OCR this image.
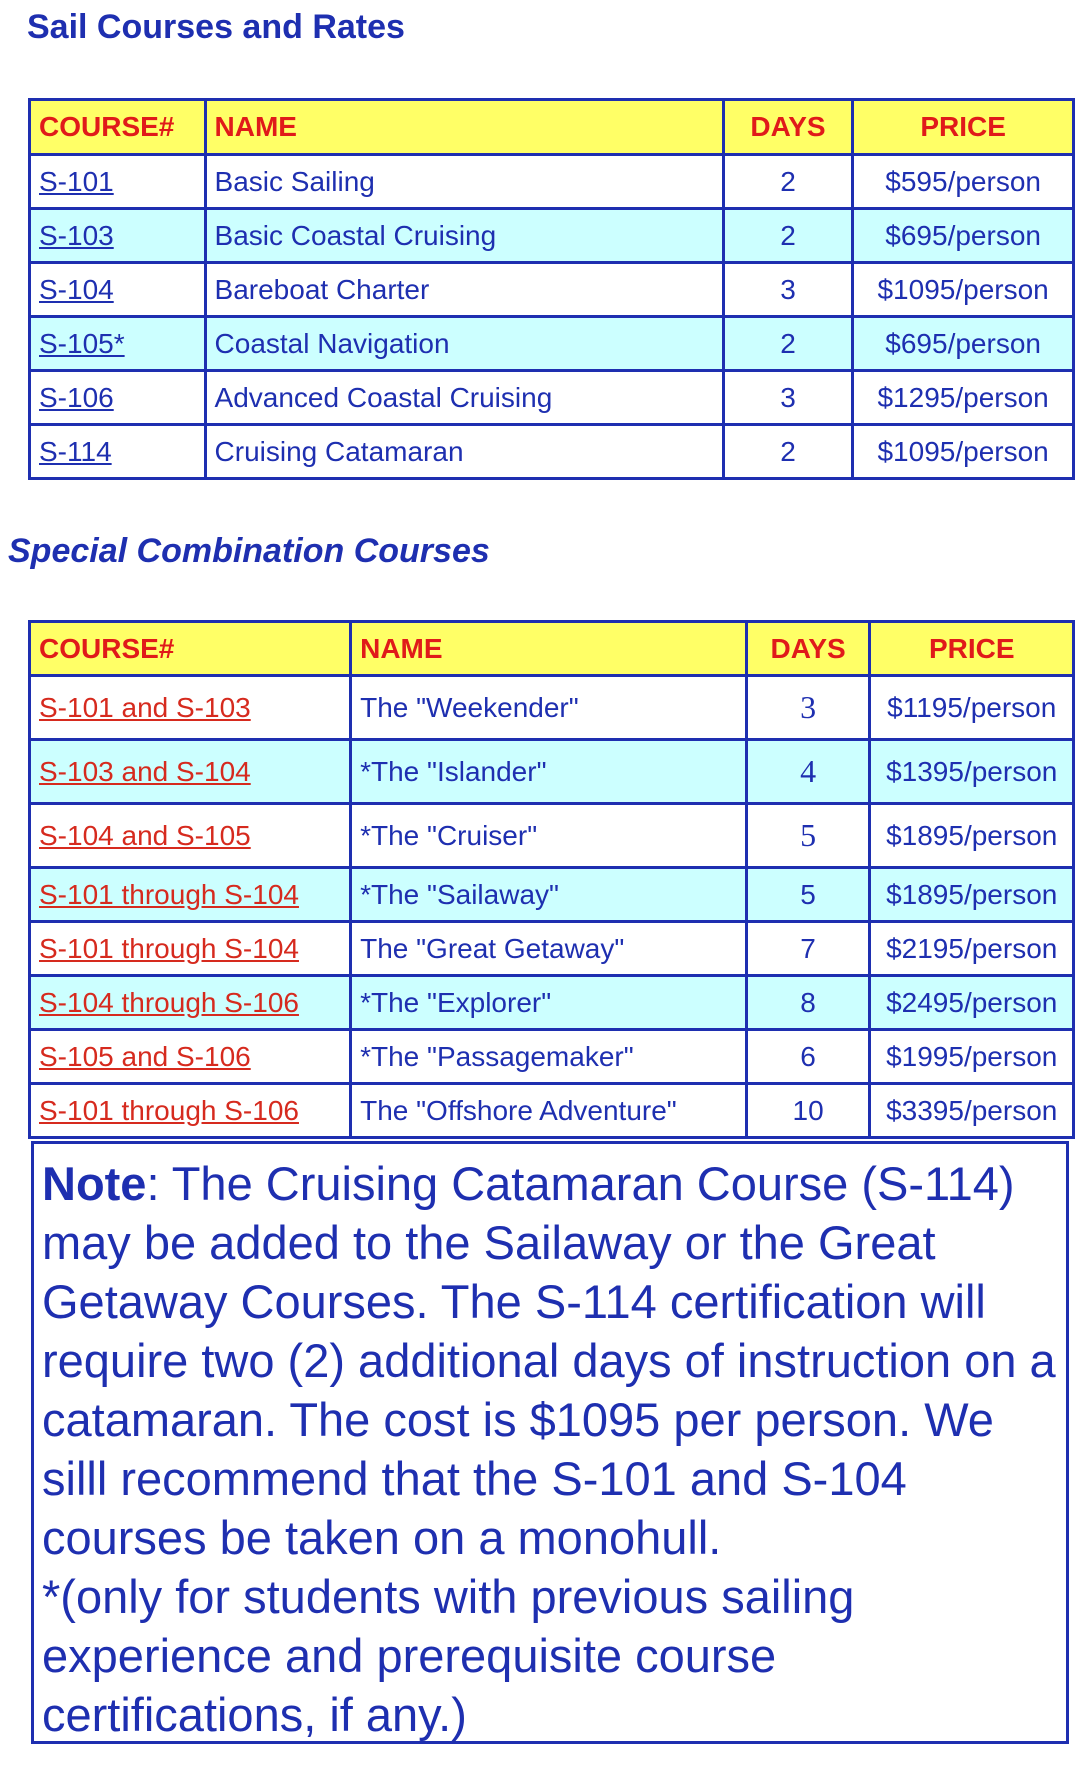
Sail Courses and Rates
COURSE#	NAME	DAYS	PRICE
S-101	Basic Sailing	2	$595/person
S-103	Basic Coastal Cruising	2	$695/person
S-104	Bareboat Charter	3	$1095/person
S-105*	Coastal Navigation	2	$695/person
S-106	Advanced Coastal Cruising	3	$1295/person
S-114	Cruising Catamaran	2	$1095/person
Special Combination Courses
COURSE#	NAME	DAYS	PRICE
S-101 and S-103	The "Weekender"	3	$1195/person
S-103 and S-104	*The "Islander"	4	$1395/person
S-104 and S-105	*The "Cruiser"	5	$1895/person
S-101 through S-104	*The "Sailaway"	5	$1895/person
S-101 through S-104	The "Great Getaway"	7	$2195/person
S-104 through S-106	*The "Explorer"	8	$2495/person
S-105 and S-106	*The "Passagemaker"	6	$1995/person
S-101 through S-106	The "Offshore Adventure"	10	$3395/person
Note: The Cruising Catamaran Course (S-114) may be added to the Sailaway or the Great Getaway Courses. The S-114 certification will require two (2) additional days of instruction on a catamaran. The cost is $1095 per person. We silll recommend that the S-101 and S-104 courses be taken on a monohull.
*(only for students with previous sailing experience and prerequisite course certifications, if any.)
